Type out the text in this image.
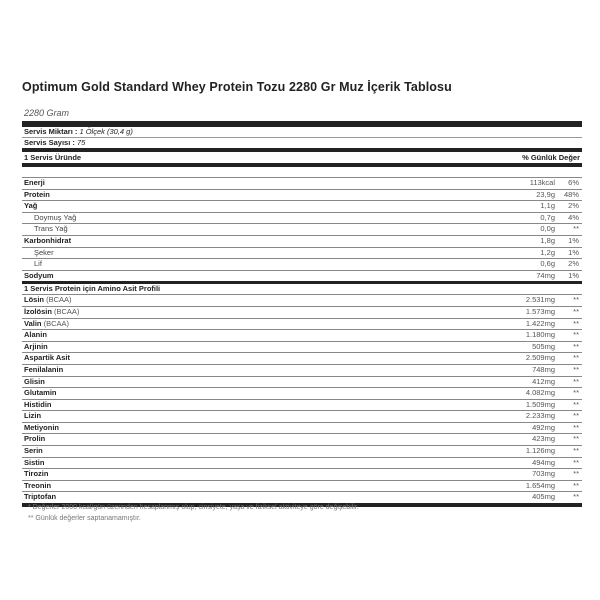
Optimum Gold Standard Whey Protein Tozu 2280 Gr Muz İçerik Tablosu
2280 Gram
Servis Miktarı : 1 Ölçek (30,4 g)
Servis Sayısı : 75
1 Servis Üründe	% Günlük Değer
Enerji	113kcal	6%
Protein	23,9g	48%
Yağ	1,1g	2%
Doymuş Yağ	0,7g	4%
Trans Yağ	0,0g	**
Karbonhidrat	1,8g	1%
Şeker	1,2g	1%
Lif	0,6g	2%
Sodyum	74mg	1%
1 Servis Protein için Amino Asit Profili
Lösin (BCAA)	2.531mg	**
İzolösin (BCAA)	1.573mg	**
Valin (BCAA)	1.422mg	**
Alanin	1.180mg	**
Arjinin	505mg	**
Aspartik Asit	2.509mg	**
Fenilalanin	748mg	**
Glisin	412mg	**
Glutamin	4.082mg	**
Histidin	1.509mg	**
Lizin	2.233mg	**
Metiyonin	492mg	**
Prolin	423mg	**
Serin	1.126mg	**
Sistin	494mg	**
Tirozin	703mg	**
Treonin	1.654mg	**
Triptofan	405mg	**
* Değerler 2000 kcal/gün üzerinden hesaplanmış olup, cinsiyete, yaşa ve fiziksel aktiviteye göre değişebilir.
** Günlük değerler saptanamamıştır.
